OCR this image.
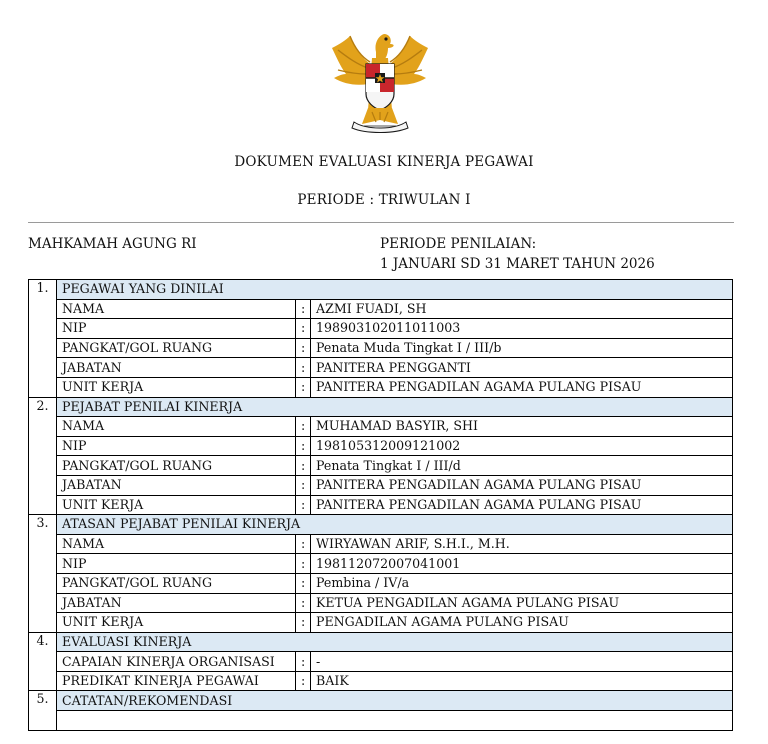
DOKUMEN EVALUASI KINERJA PEGAWAI
PERIODE : TRIWULAN I
MAHKAMAH AGUNG RI	PERIODE PENILAIAN:
1 JANUARI SD 31 MARET TAHUN 2026
1.	PEGAWAI YANG DINILAI		
	NAMA	:	AZMI FUADI, SH
	NIP	:	198903102011011003
	PANGKAT/GOL RUANG	:	Penata Muda Tingkat I / III/b
	JABATAN	:	PANITERA PENGGANTI
	UNIT KERJA	:	PANITERA PENGADILAN AGAMA PULANG PISAU
2.	PEJABAT PENILAI KINERJA		
	NAMA	:	MUHAMAD BASYIR, SHI
	NIP	:	198105312009121002
	PANGKAT/GOL RUANG	:	Penata Tingkat I / III/d
	JABATAN	:	PANITERA PENGADILAN AGAMA PULANG PISAU
	UNIT KERJA	:	PANITERA PENGADILAN AGAMA PULANG PISAU
3.	ATASAN PEJABAT PENILAI KINERJA		
	NAMA	:	WIRYAWAN ARIF, S.H.I., M.H.
	NIP	:	198112072007041001
	PANGKAT/GOL RUANG	:	Pembina / IV/a
	JABATAN	:	KETUA PENGADILAN AGAMA PULANG PISAU
	UNIT KERJA	:	PENGADILAN AGAMA PULANG PISAU
4.	EVALUASI KINERJA		
	CAPAIAN KINERJA ORGANISASI	:	-
	PREDIKAT KINERJA PEGAWAI	:	BAIK
5.	CATATAN/REKOMENDASI		
